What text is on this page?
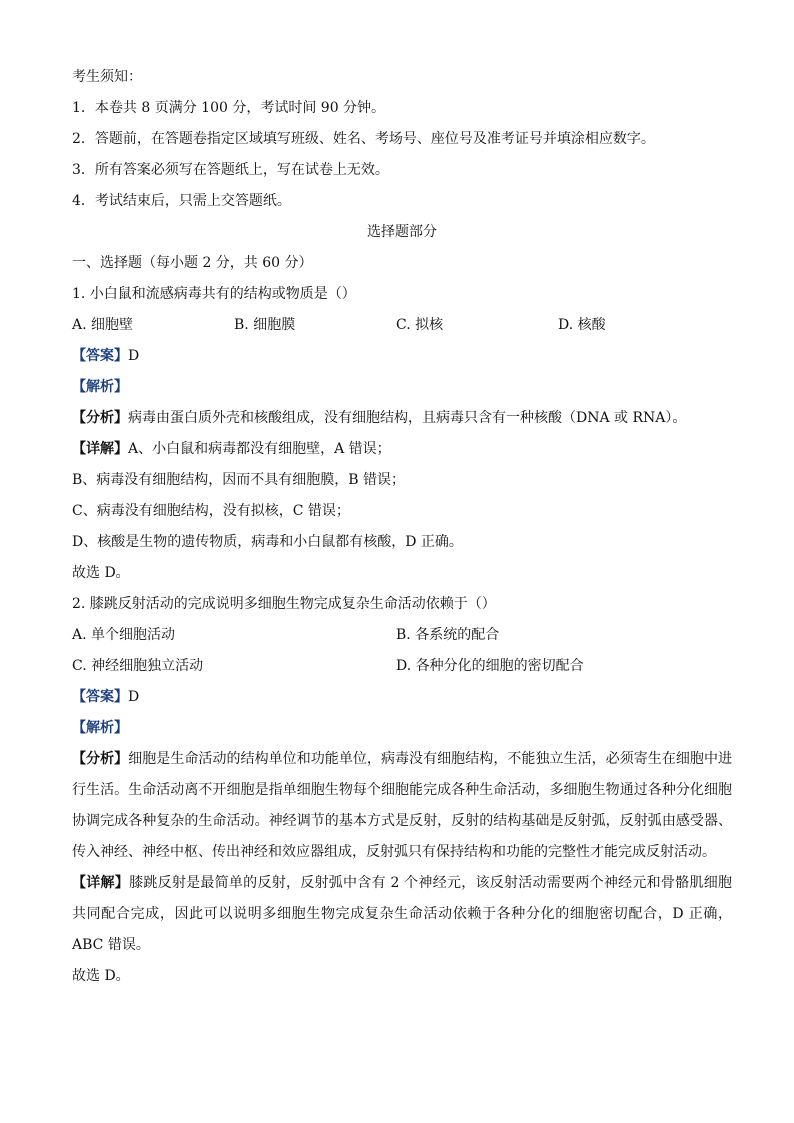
考生须知：
1．本卷共 8 页满分 100 分，考试时间 90 分钟。
2．答题前，在答题卷指定区域填写班级、姓名、考场号、座位号及准考证号并填涂相应数字。
3．所有答案必须写在答题纸上，写在试卷上无效。
4．考试结束后，只需上交答题纸。
选择题部分
一、选择题（每小题 2 分，共 60 分）
1. 小白鼠和流感病毒共有的结构或物质是（）
A. 细胞壁	B. 细胞膜	C. 拟核	D. 核酸
【答案】D
【解析】
【分析】病毒由蛋白质外壳和核酸组成，没有细胞结构，且病毒只含有一种核酸（DNA 或 RNA）。
【详解】A、小白鼠和病毒都没有细胞壁，A 错误；
B、病毒没有细胞结构，因而不具有细胞膜，B 错误；
C、病毒没有细胞结构，没有拟核，C 错误；
D、核酸是生物的遗传物质，病毒和小白鼠都有核酸，D 正确。
故选 D。
2. 膝跳反射活动的完成说明多细胞生物完成复杂生命活动依赖于（）
A. 单个细胞活动	B. 各系统的配合
C. 神经细胞独立活动	D. 各种分化的细胞的密切配合
【答案】D
【解析】
【分析】细胞是生命活动的结构单位和功能单位，病毒没有细胞结构，不能独立生活，必须寄生在细胞中进行生活。生命活动离不开细胞是指单细胞生物每个细胞能完成各种生命活动，多细胞生物通过各种分化细胞协调完成各种复杂的生命活动。神经调节的基本方式是反射，反射的结构基础是反射弧，反射弧由感受器、传入神经、神经中枢、传出神经和效应器组成，反射弧只有保持结构和功能的完整性才能完成反射活动。
【详解】膝跳反射是最简单的反射，反射弧中含有 2 个神经元，该反射活动需要两个神经元和骨骼肌细胞共同配合完成，因此可以说明多细胞生物完成复杂生命活动依赖于各种分化的细胞密切配合，D 正确，ABC 错误。
故选 D。
